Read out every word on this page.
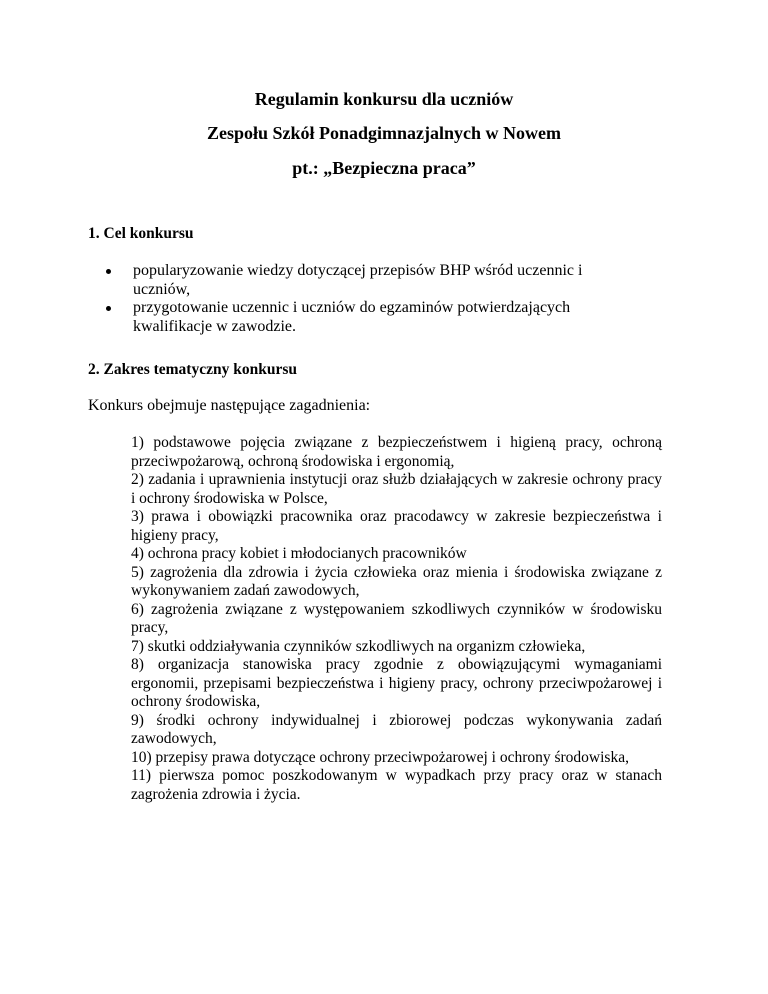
Regulamin konkursu dla uczniów
Zespołu Szkół Ponadgimnazjalnych w Nowem
pt.: „Bezpieczna praca”
1. Cel konkursu
popularyzowanie wiedzy dotyczącej przepisów BHP wśród uczennic i uczniów,
przygotowanie uczennic i uczniów do egzaminów potwierdzających kwalifikacje w zawodzie.
2. Zakres tematyczny konkursu
Konkurs obejmuje następujące zagadnienia:
1) podstawowe pojęcia związane z bezpieczeństwem i higieną pracy, ochroną przeciwpożarową, ochroną środowiska i ergonomią,
2) zadania i uprawnienia instytucji oraz służb działających w zakresie ochrony pracy i ochrony środowiska w Polsce,
3) prawa i obowiązki pracownika oraz pracodawcy w zakresie bezpieczeństwa i higieny pracy,
4) ochrona pracy kobiet i młodocianych pracowników
5) zagrożenia dla zdrowia i życia człowieka oraz mienia i środowiska związane z wykonywaniem zadań zawodowych,
6) zagrożenia związane z występowaniem szkodliwych czynników w środowisku pracy,
7) skutki oddziaływania czynników szkodliwych na organizm człowieka,
8) organizacja stanowiska pracy zgodnie z obowiązującymi wymaganiami ergonomii, przepisami bezpieczeństwa i higieny pracy, ochrony przeciwpożarowej i ochrony środowiska,
9) środki ochrony indywidualnej i zbiorowej podczas wykonywania zadań zawodowych,
10) przepisy prawa dotyczące ochrony przeciwpożarowej i ochrony środowiska,
11) pierwsza pomoc poszkodowanym w wypadkach przy pracy oraz w stanach zagrożenia zdrowia i życia.
